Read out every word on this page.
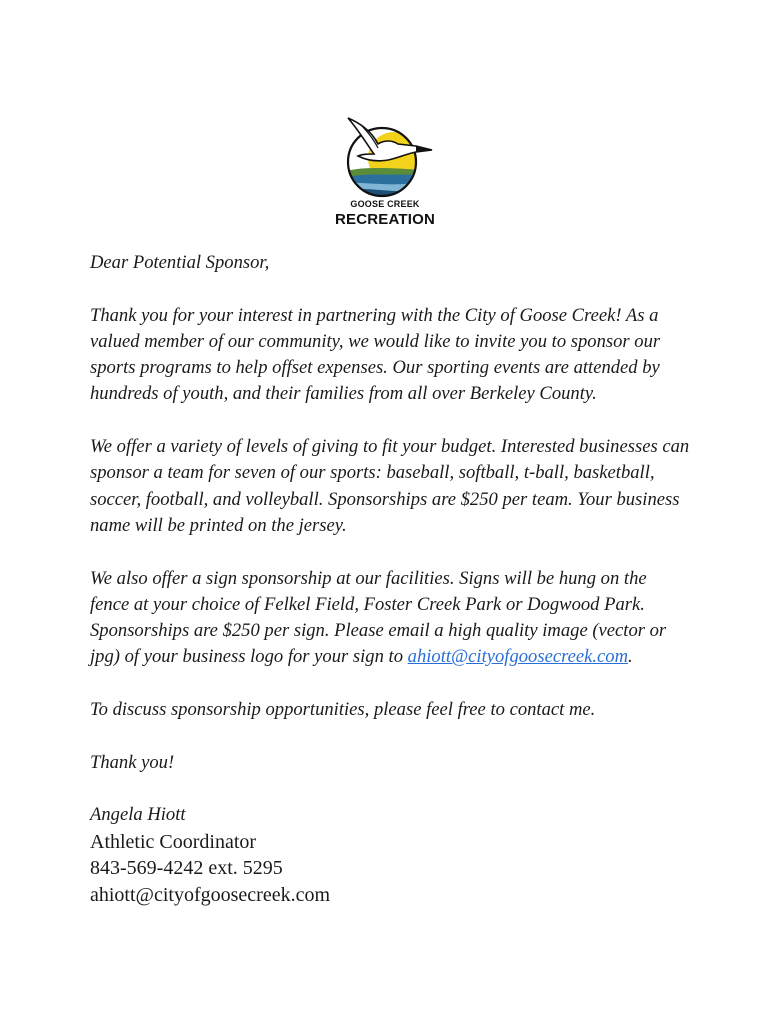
GOOSE CREEK
RECREATION

Dear Potential Sponsor,

Thank you for your interest in partnering with the City of Goose Creek! As a

valued member of our community, we would like to invite you to sponsor our

sports programs to help offset expenses. Our sporting events are attended by

hundreds of youth, and their families from all over Berkeley County.

We offer a variety of levels of giving to fit your budget. Interested businesses can

sponsor a team for seven of our sports: baseball, softball, t-ball, basketball,

soccer, football, and volleyball. Sponsorships are $250 per team. Your business

name will be printed on the jersey.

We also offer a sign sponsorship at our facilities. Signs will be hung on the

fence at your choice of Felkel Field, Foster Creek Park or Dogwood Park.

Sponsorships are $250 per sign. Please email a high quality image (vector or

jpg) of your business logo for your sign to ahiott@cityofgoosecreek.com.

To discuss sponsorship opportunities, please feel free to contact me.

Thank you!

Angela Hiott

Athletic Coordinator

843-569-4242 ext. 5295

ahiott@cityofgoosecreek.com
